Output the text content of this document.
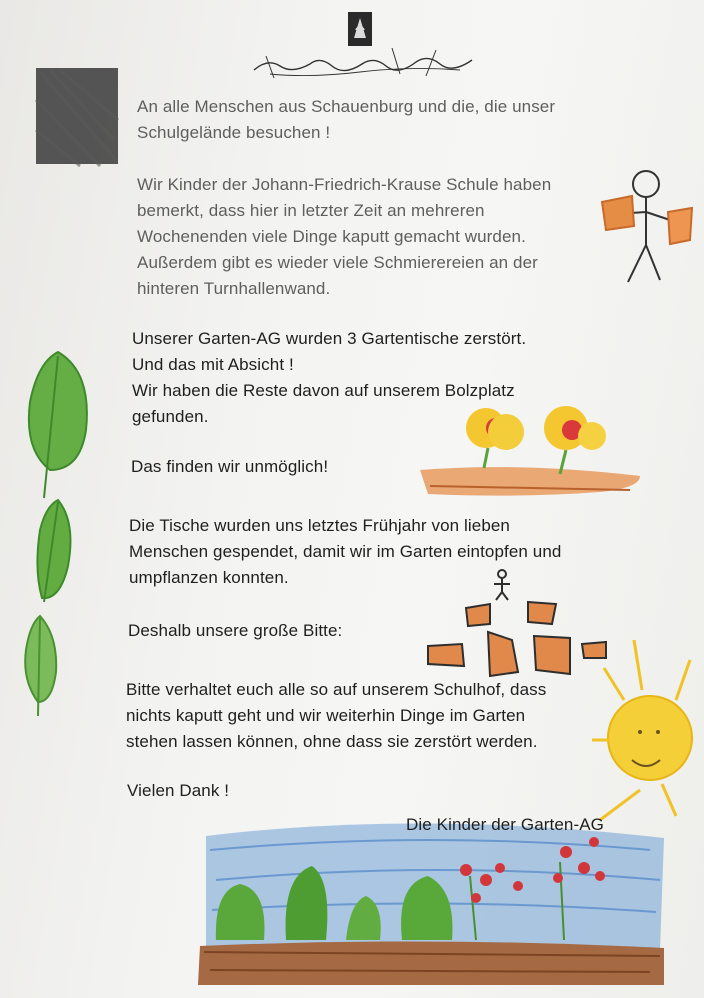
An alle Menschen aus Schauenburg und die, die unser
Schulgelände besuchen !

Wir Kinder der Johann-Friedrich-Krause Schule haben
bemerkt, dass hier in letzter Zeit an mehreren
Wochenenden viele Dinge kaputt gemacht wurden.
Außerdem gibt es wieder viele Schmierereien an der
hinteren Turnhallenwand.

Unserer Garten-AG wurden 3 Gartentische zerstört.
Und das mit Absicht !
Wir haben die Reste davon auf unserem Bolzplatz
gefunden.

Das finden wir unmöglich!

Die Tische wurden uns letztes Frühjahr von lieben
Menschen gespendet, damit wir im Garten eintopfen und
umpflanzen konnten.

Deshalb unsere große Bitte:

Bitte verhaltet euch alle so auf unserem Schulhof, dass
nichts kaputt geht und wir weiterhin Dinge im Garten
stehen lassen können, ohne dass sie zerstört werden.

Vielen Dank !

Die Kinder der Garten-AG
